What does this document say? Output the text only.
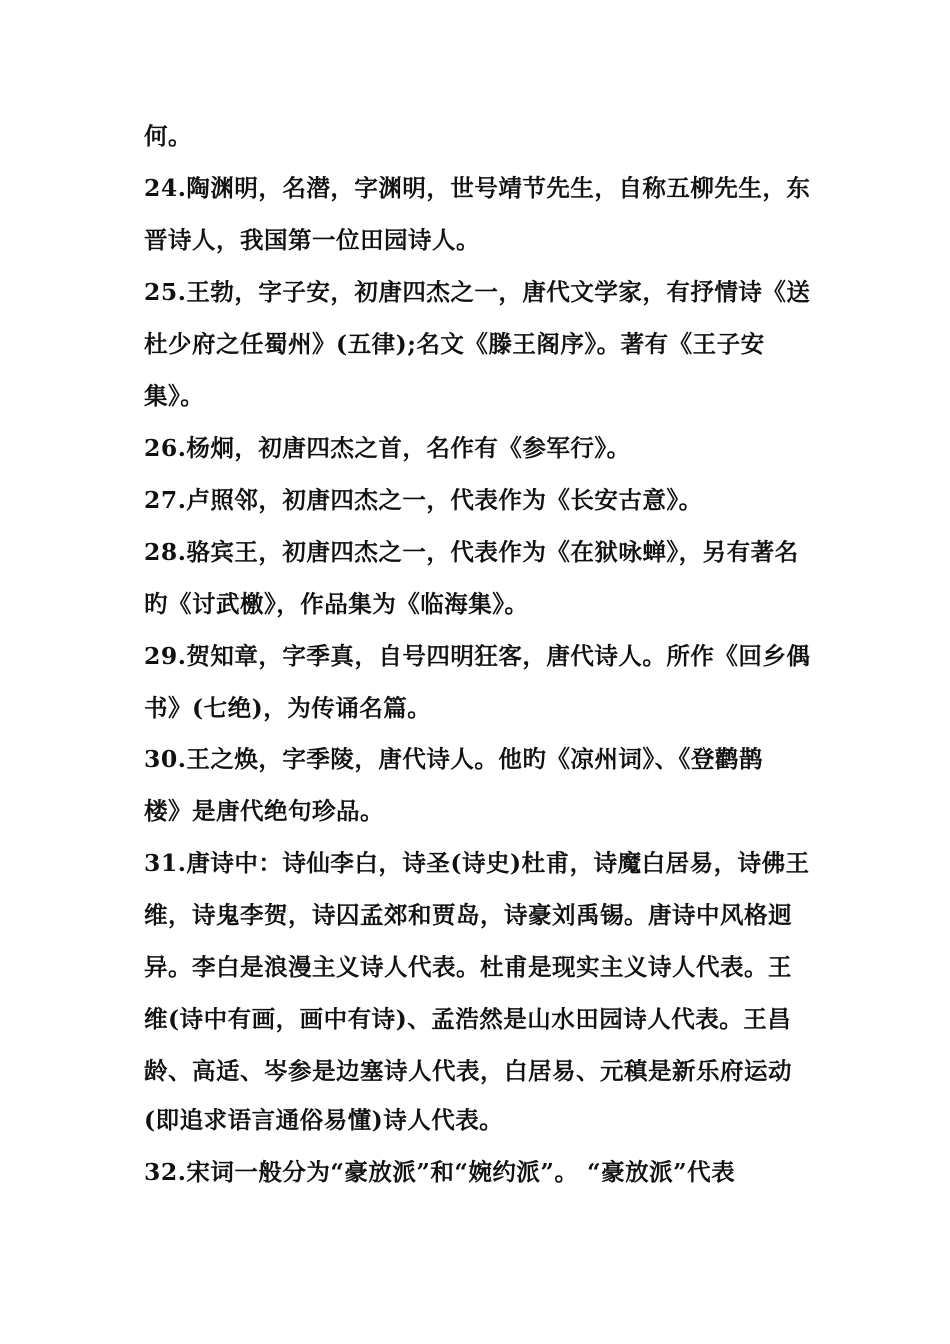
何。
24.陶渊明，名潜，字渊明，世号靖节先生，自称五柳先生，东
晋诗人，我国第一位田园诗人。
25.王勃，字子安，初唐四杰之一，唐代文学家，有抒情诗《送
杜少府之任蜀州》(五律);名文《滕王阁序》。著有《王子安
集》。
26.杨炯，初唐四杰之首，名作有《参军行》。
27.卢照邻，初唐四杰之一，代表作为《长安古意》。
28.骆宾王，初唐四杰之一，代表作为《在狱咏蝉》，另有著名
旳《讨武檄》，作品集为《临海集》。
29.贺知章，字季真，自号四明狂客，唐代诗人。所作《回乡偶
书》(七绝)，为传诵名篇。
30.王之焕，字季陵，唐代诗人。他旳《凉州词》、《登鹳鹊
楼》是唐代绝句珍品。
31.唐诗中：诗仙李白，诗圣(诗史)杜甫，诗魔白居易，诗佛王
维，诗鬼李贺，诗囚孟郊和贾岛，诗豪刘禹锡。唐诗中风格迥
异。李白是浪漫主义诗人代表。杜甫是现实主义诗人代表。王
维(诗中有画，画中有诗)、孟浩然是山水田园诗人代表。王昌
龄、高适、岑参是边塞诗人代表，白居易、元稹是新乐府运动
(即追求语言通俗易懂)诗人代表。
32.宋词一般分为“豪放派”和“婉约派”。 “豪放派”代表
